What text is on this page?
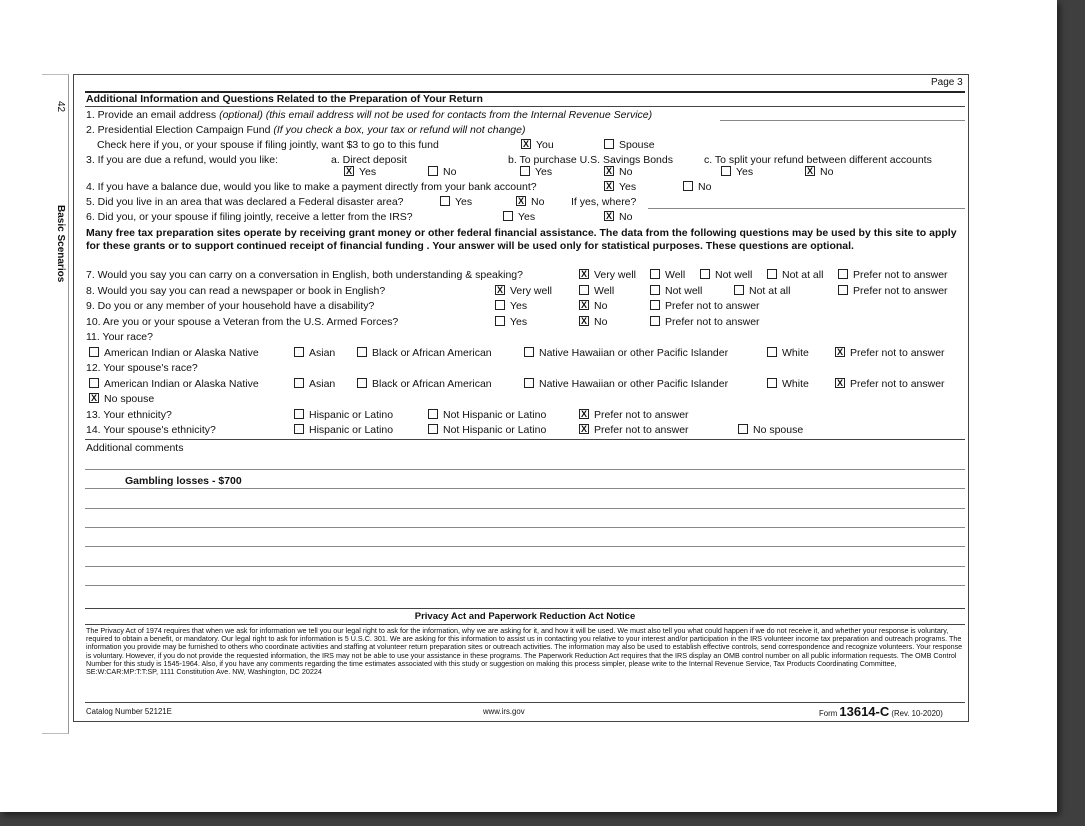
42
Basic Scenarios
Page 3
Additional Information and Questions Related to the Preparation of Your Return
1. Provide an email address (optional) (this email address will not be used for contacts from the Internal Revenue Service)
2. Presidential Election Campaign Fund (If you check a box, your tax or refund will not change)
Check here if you, or your spouse if filing jointly, want $3 to go to this fund X	You	Spouse
3. If you are due a refund, would you like:	a. Direct deposit	b. To purchase U.S. Savings Bonds	c. To split your refund between different accounts
XYes	No	Yes X	No	Yes X	No
4. If you have a balance due, would you like to make a payment directly from your bank account? X	Yes	No
5. Did you live in an area that was declared a Federal disaster area?	Yes X	No	If yes, where?
6. Did you, or your spouse if filing jointly, receive a letter from the IRS?	Yes X	No
Many free tax preparation sites operate by receiving grant money or other federal financial assistance. The data from the following questions may be used by this site to apply for these grants or to support continued receipt of financial funding . Your answer will be used only for statistical purposes. These questions are optional.
7. Would you say you can carry on a conversation in English, both understanding & speaking? X	Very well	Well	Not well	Not at all	Prefer not to answer
8. Would you say you can read a newspaper or book in English? X	Very well	Well	Not well	Not at all	Prefer not to answer
9. Do you or any member of your household have a disability?	Yes X	No	Prefer not to answer
10. Are you or your spouse a Veteran from the U.S. Armed Forces?	Yes X	No	Prefer not to answer
11. Your race?
American Indian or Alaska Native	Asian	Black or African American	Native Hawaiian or other Pacific Islander	White X	Prefer not to answer
12. Your spouse's race?
American Indian or Alaska Native	Asian	Black or African American	Native Hawaiian or other Pacific Islander	White X	Prefer not to answer
XNo spouse
13. Your ethnicity?	Hispanic or Latino	Not Hispanic or Latino X	Prefer not to answer
14. Your spouse's ethnicity?	Hispanic or Latino	Not Hispanic or Latino X	Prefer not to answer	No spouse
Additional comments
Gambling losses - $700
Privacy Act and Paperwork Reduction Act Notice
The Privacy Act of 1974 requires that when we ask for information we tell you our legal right to ask for the information, why we are asking for it, and how it will be used. We must also tell you what could happen if we do not receive it, and whether your response is voluntary, required to obtain a benefit, or mandatory. Our legal right to ask for information is 5 U.S.C. 301. We are asking for this information to assist us in contacting you relative to your interest and/or participation in the IRS volunteer income tax preparation and outreach programs. The information you provide may be furnished to others who coordinate activities and staffing at volunteer return preparation sites or outreach activities. The information may also be used to establish effective controls, send correspondence and recognize volunteers. Your response is voluntary. However, if you do not provide the requested information, the IRS may not be able to use your assistance in these programs. The Paperwork Reduction Act requires that the IRS display an OMB control number on all public information requests. The OMB Control Number for this study is 1545-1964. Also, if you have any comments regarding the time estimates associated with this study or suggestion on making this process simpler, please write to the Internal Revenue Service, Tax Products Coordinating Committee, SE:W:CAR:MP:T:T:SP, 1111 Constitution Ave. NW, Washington, DC 20224
Catalog Number 52121E	www.irs.gov	Form 13614-C (Rev. 10-2020)
